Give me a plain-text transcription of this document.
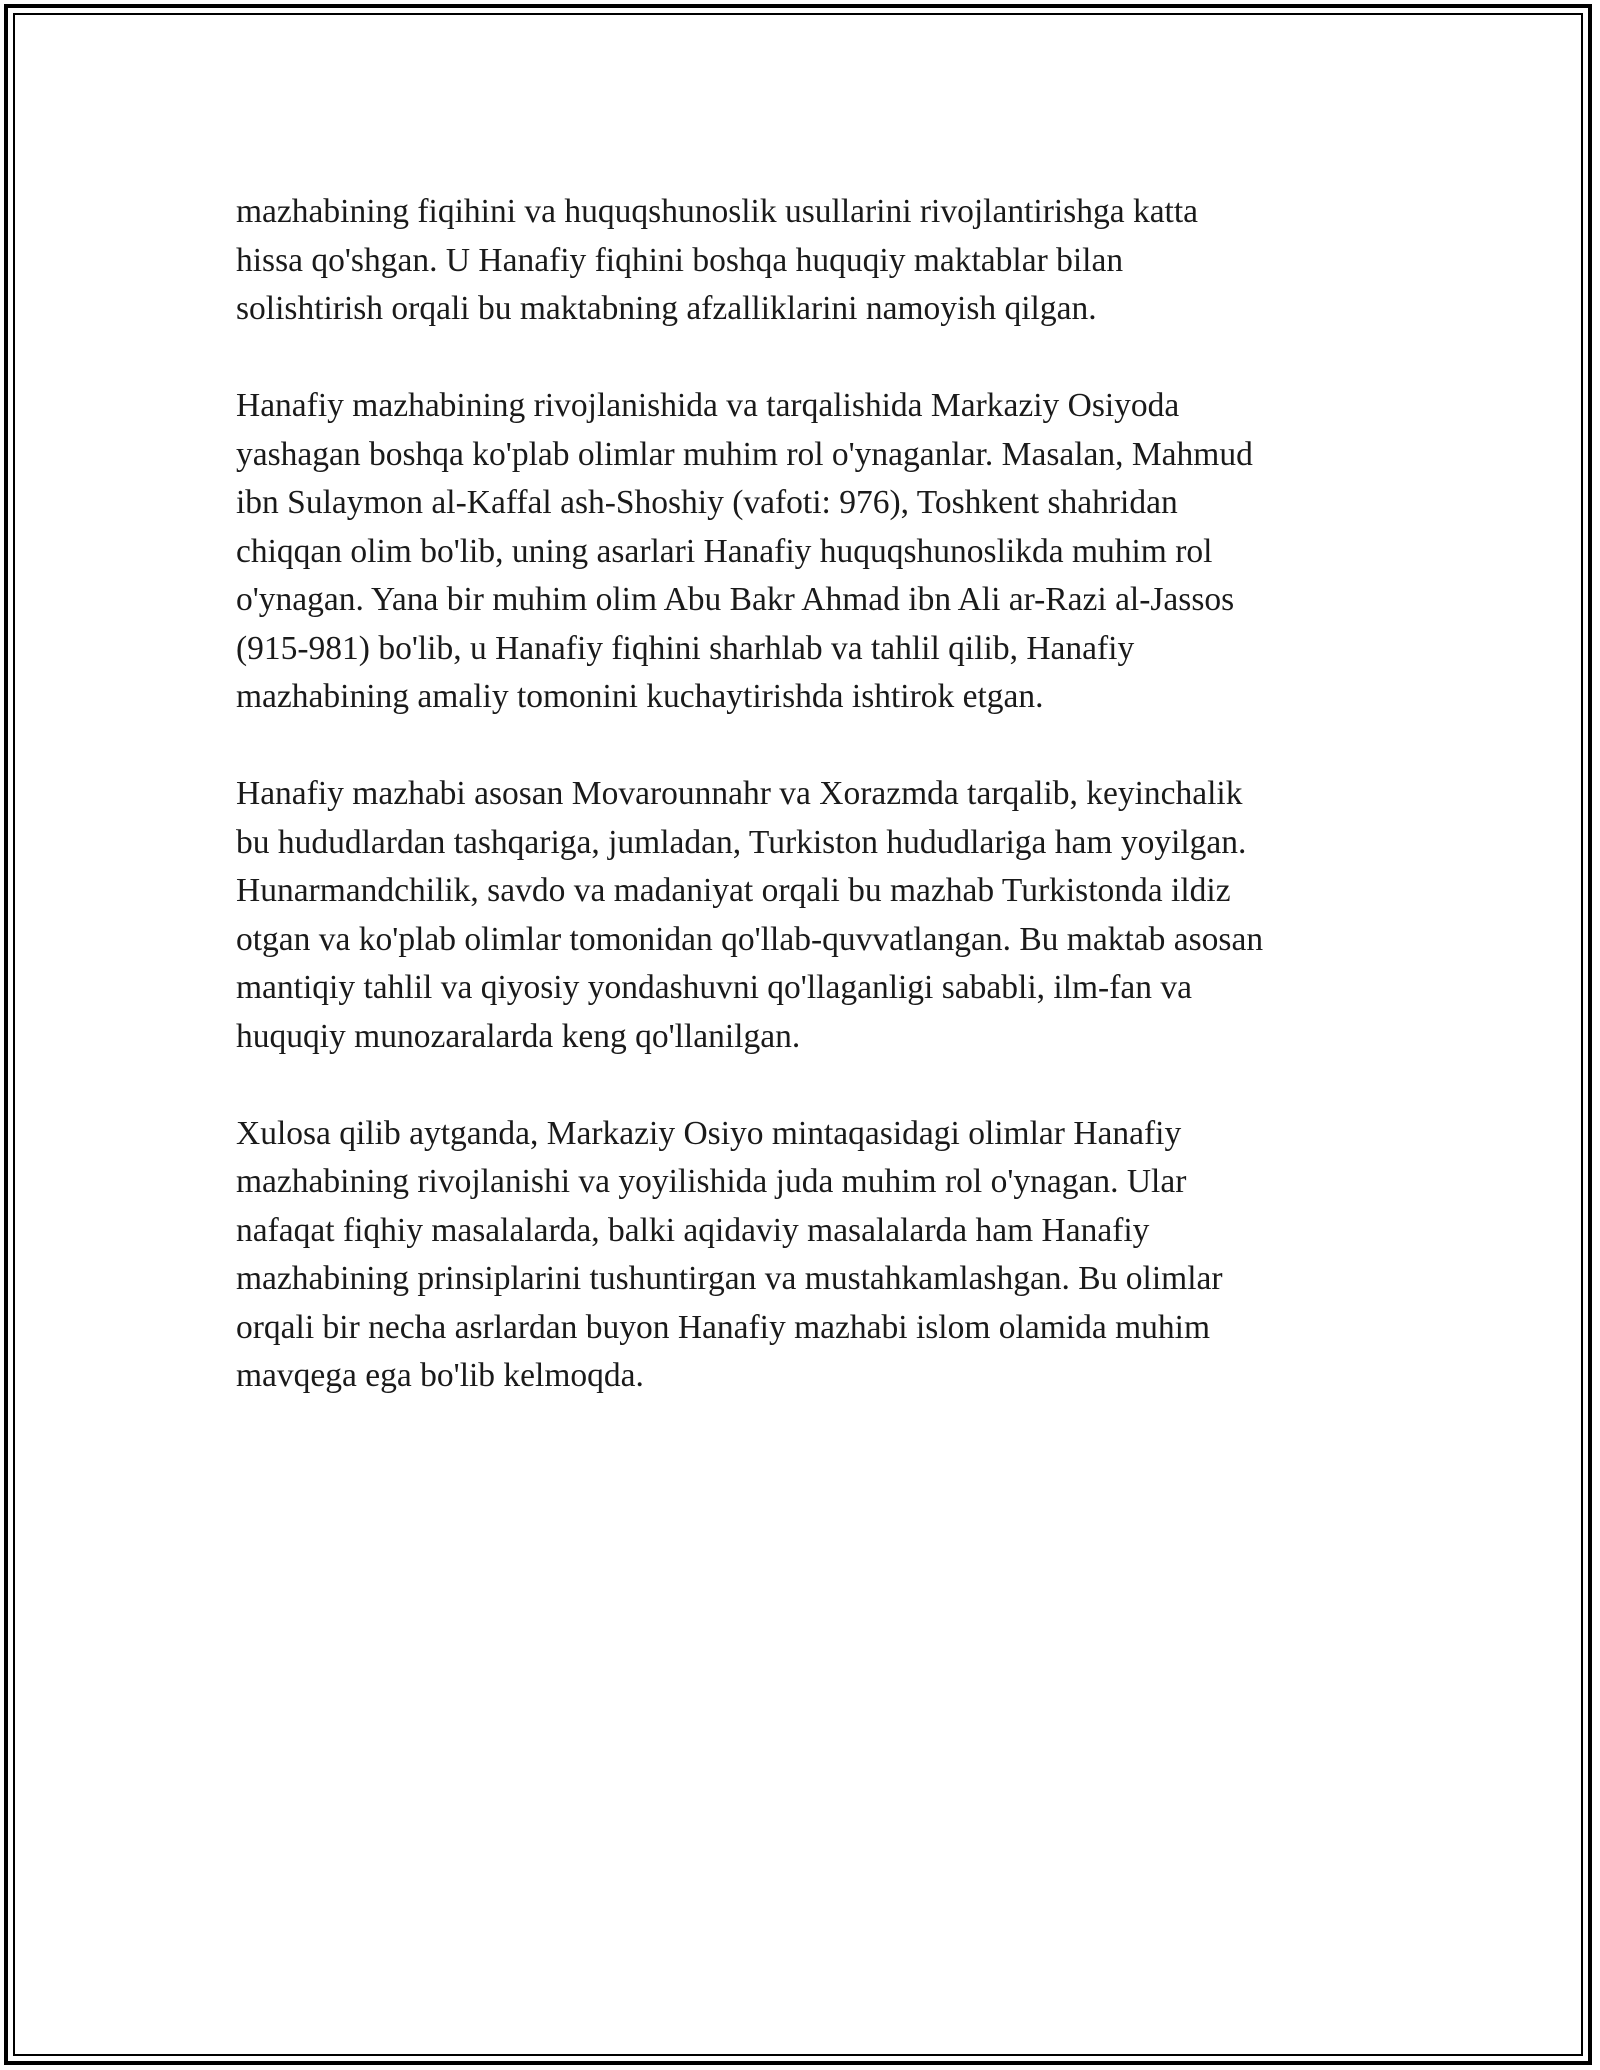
mazhabining fiqihini va huquqshunoslik usullarini rivojlantirishga katta
hissa qo'shgan. U Hanafiy fiqhini boshqa huquqiy maktablar bilan
solishtirish orqali bu maktabning afzalliklarini namoyish qilgan.

Hanafiy mazhabining rivojlanishida va tarqalishida Markaziy Osiyoda
yashagan boshqa ko'plab olimlar muhim rol o'ynaganlar. Masalan, Mahmud
ibn Sulaymon al-Kaffal ash-Shoshiy (vafoti: 976), Toshkent shahridan
chiqqan olim bo'lib, uning asarlari Hanafiy huquqshunoslikda muhim rol
o'ynagan. Yana bir muhim olim Abu Bakr Ahmad ibn Ali ar-Razi al-Jassos
(915-981) bo'lib, u Hanafiy fiqhini sharhlab va tahlil qilib, Hanafiy
mazhabining amaliy tomonini kuchaytirishda ishtirok etgan.

Hanafiy mazhabi asosan Movarounnahr va Xorazmda tarqalib, keyinchalik
bu hududlardan tashqariga, jumladan, Turkiston hududlariga ham yoyilgan.
Hunarmandchilik, savdo va madaniyat orqali bu mazhab Turkistonda ildiz
otgan va ko'plab olimlar tomonidan qo'llab-quvvatlangan. Bu maktab asosan
mantiqiy tahlil va qiyosiy yondashuvni qo'llaganligi sababli, ilm-fan va
huquqiy munozaralarda keng qo'llanilgan.

Xulosa qilib aytganda, Markaziy Osiyo mintaqasidagi olimlar Hanafiy
mazhabining rivojlanishi va yoyilishida juda muhim rol o'ynagan. Ular
nafaqat fiqhiy masalalarda, balki aqidaviy masalalarda ham Hanafiy
mazhabining prinsiplarini tushuntirgan va mustahkamlashgan. Bu olimlar
orqali bir necha asrlardan buyon Hanafiy mazhabi islom olamida muhim
mavqega ega bo'lib kelmoqda.
